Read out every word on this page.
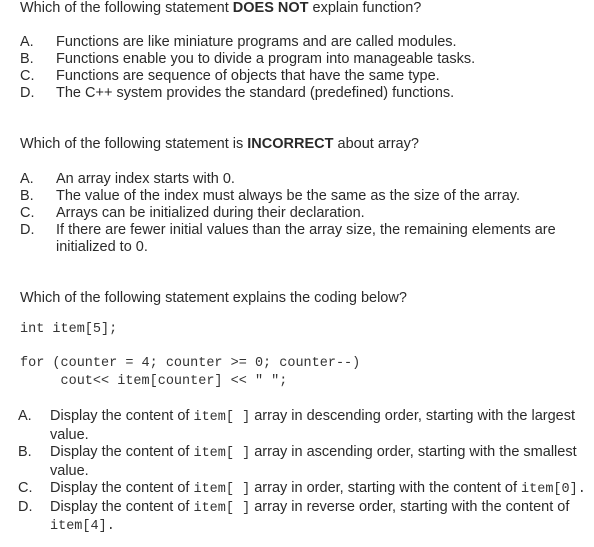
Which of the following statement DOES NOT explain function?
A.	Functions are like miniature programs and are called modules.
B.	Functions enable you to divide a program into manageable tasks.
C.	Functions are sequence of objects that have the same type.
D.	The C++ system provides the standard (predefined) functions.
Which of the following statement is INCORRECT about array?
A.	An array index starts with 0.
B.	The value of the index must always be the same as the size of the array.
C.	Arrays can be initialized during their declaration.
D.	If there are fewer initial values than the array size, the remaining elements are initialized to 0.
Which of the following statement explains the coding below?
int item[5];
for (counter = 4; counter >= 0; counter--)
cout<< item[counter] << " ";
A.	Display the content of item[ ] array in descending order, starting with the largest value.
B.	Display the content of item[ ] array in ascending order, starting with the smallest value.
C.	Display the content of item[ ] array in order, starting with the content of item[0].
D.	Display the content of item[ ] array in reverse order, starting with the content of item[4].
